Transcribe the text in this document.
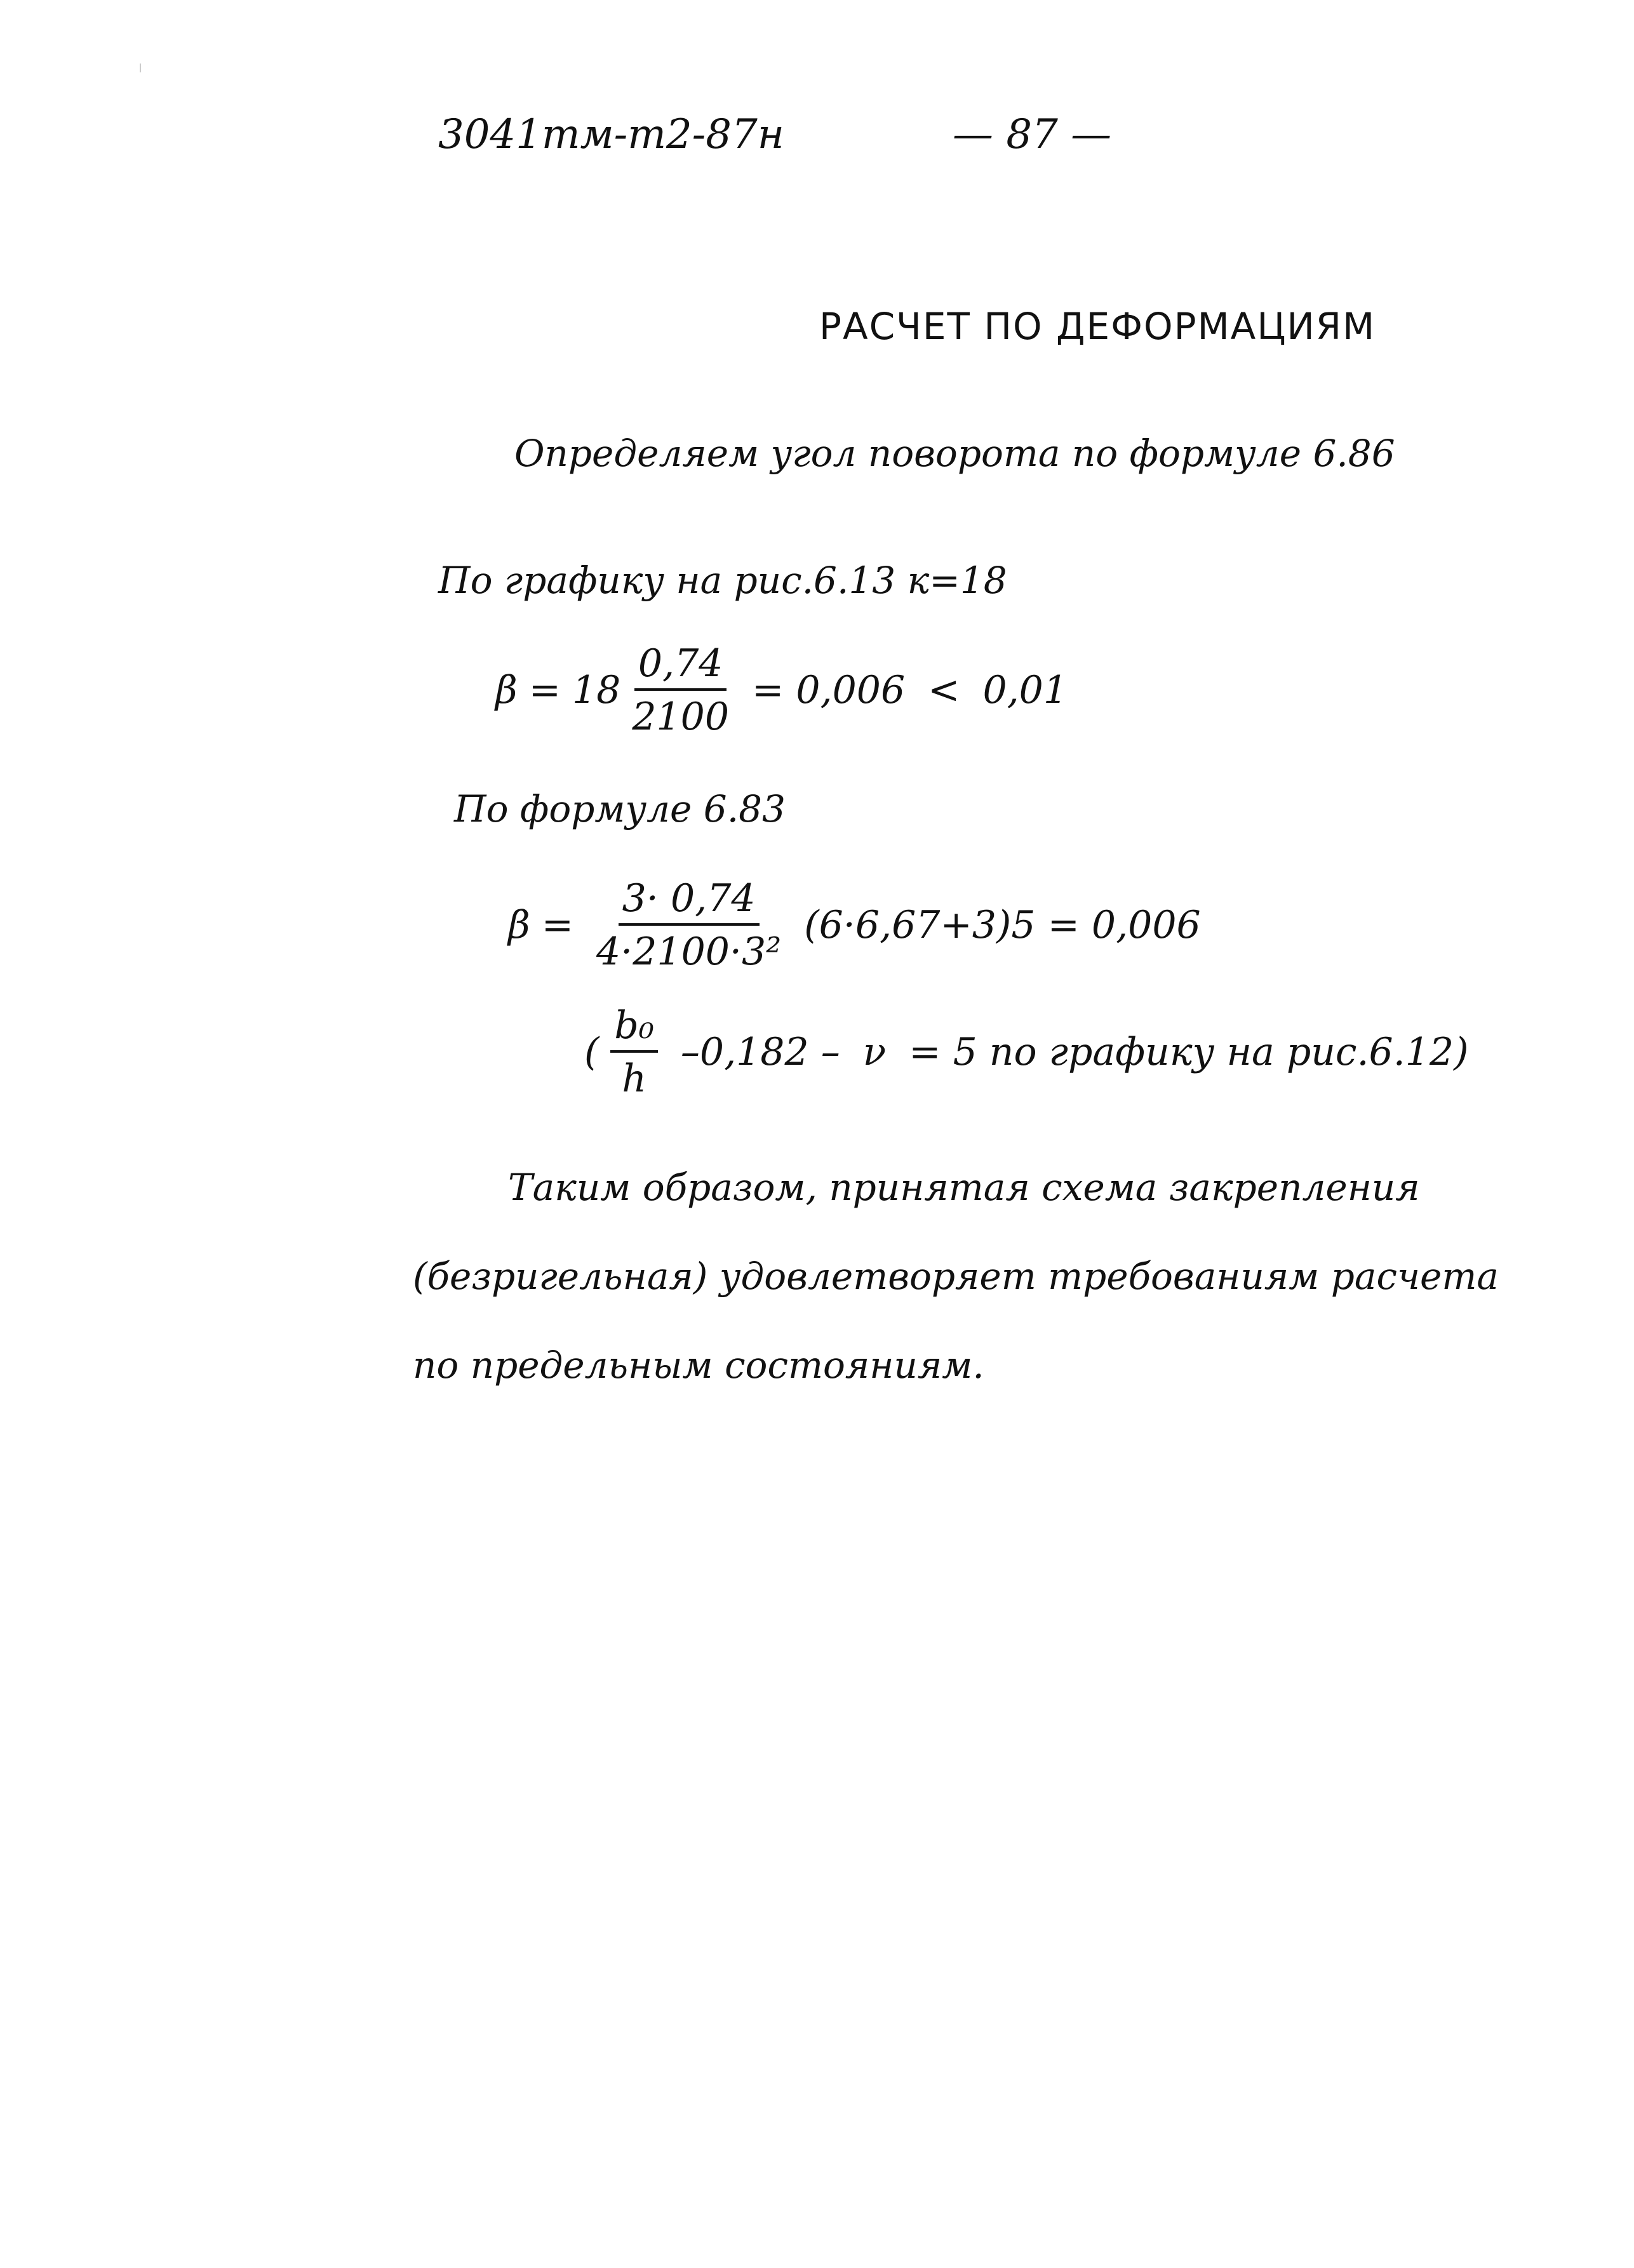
3041тм-т2-87н	— 87 —
РАСЧЕТ ПО ДЕФОРМАЦИЯМ
Определяем угол поворота по формуле 6.86
По графику на рис.6.13 к=18
$\beta = 18 \frac{0,74}{2100} = 0,006 < 0,01$
По формуле 6.83
$\beta = \frac{3\cdot 0,74}{\text{4·2100·3²}} (6\cdot 6,67+3)5 = 0,006$
( $\frac{\text{b₀}}{h} -0,182 - \nu = 5$ по графику на рис.6.12)
Таким образом, принятая схема закрепления (безригельная) удовлетворяет требованиям расчета по предельным состояниям.
